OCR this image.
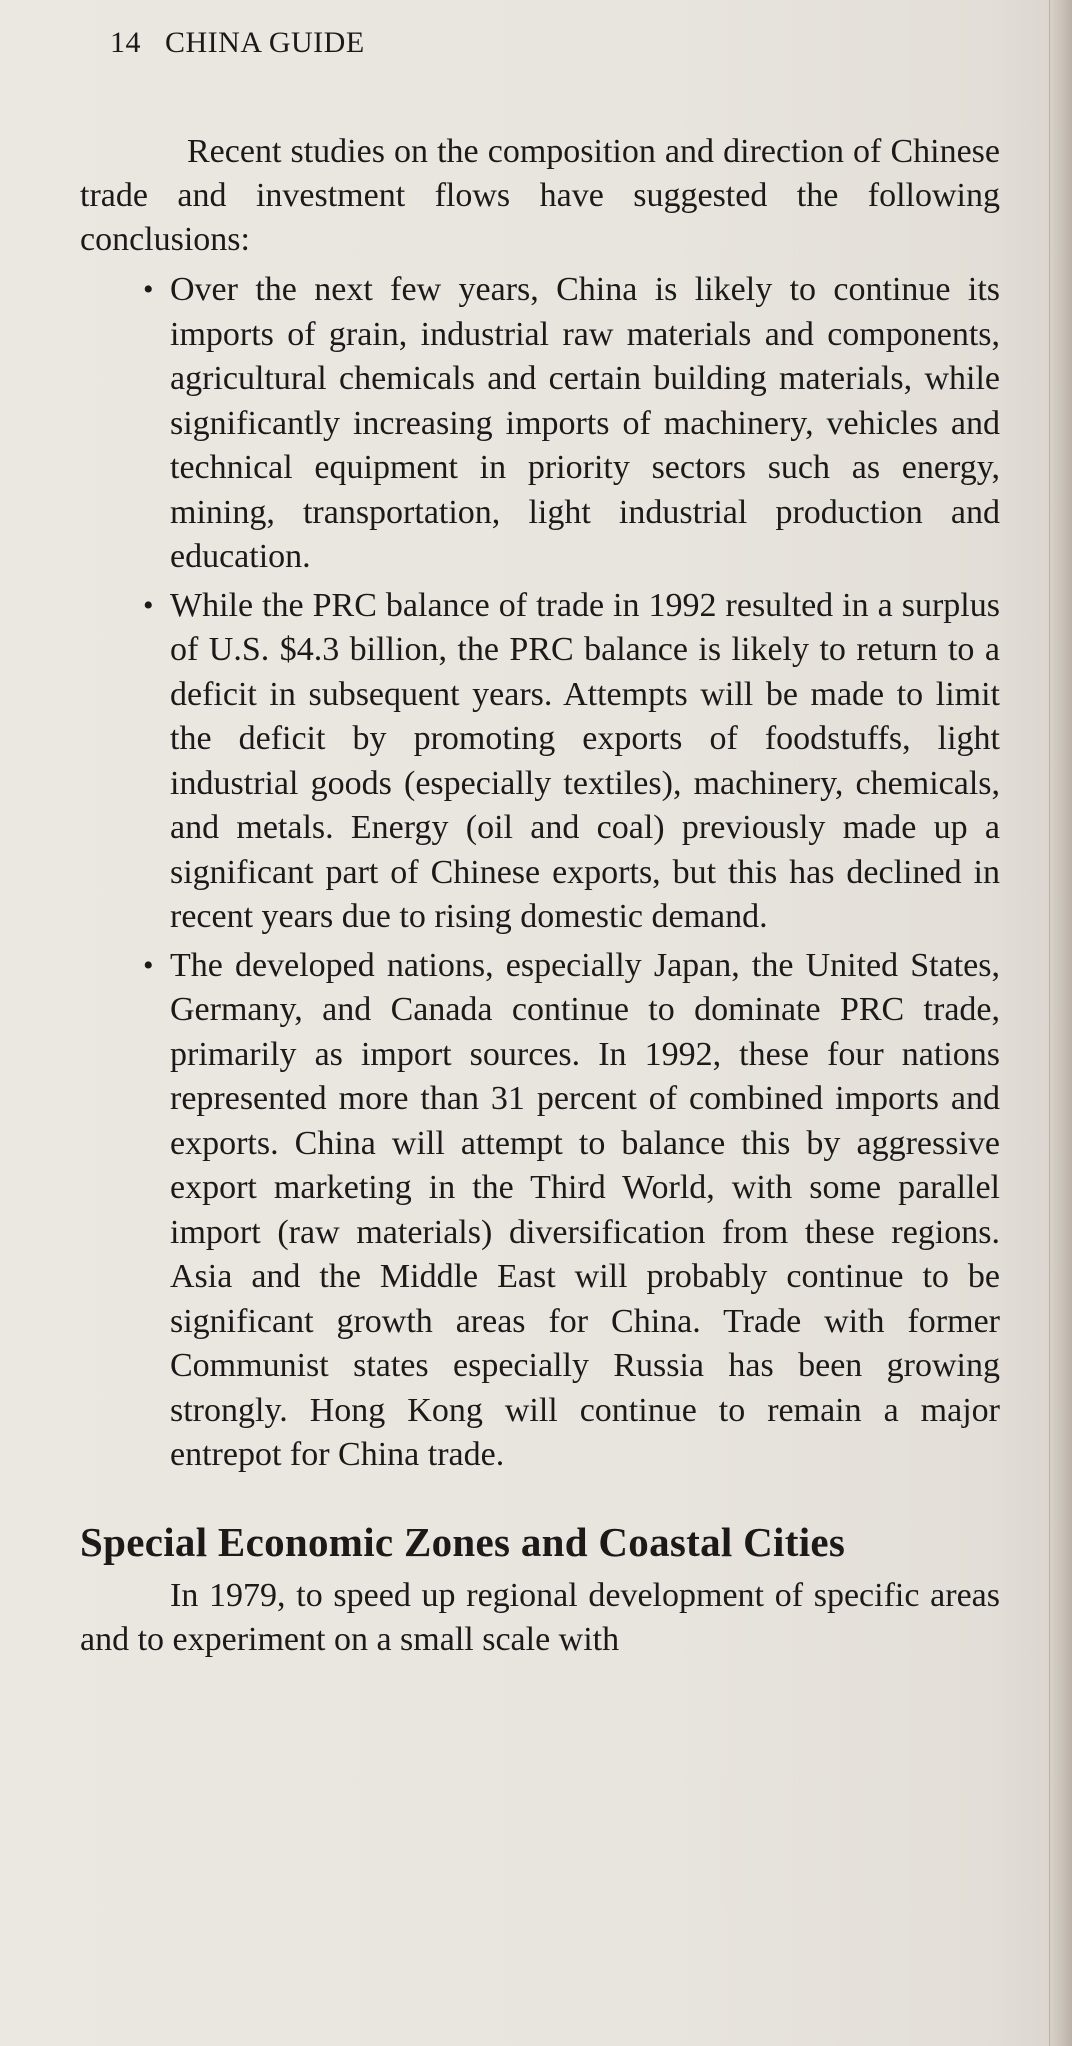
14 CHINA GUIDE

Recent studies on the composition and direction of Chinese trade and investment flows have suggested the following conclusions:

• Over the next few years, China is likely to continue its imports of grain, industrial raw materials and components, agricultural chemicals and certain building materials, while significantly increasing imports of machinery, vehicles and technical equipment in priority sectors such as energy, mining, transportation, light industrial production and education.
• While the PRC balance of trade in 1992 resulted in a surplus of U.S. $4.3 billion, the PRC balance is likely to return to a deficit in subsequent years. Attempts will be made to limit the deficit by promoting exports of foodstuffs, light industrial goods (especially textiles), machinery, chemicals, and metals. Energy (oil and coal) previously made up a significant part of Chinese exports, but this has declined in recent years due to rising domestic demand.
• The developed nations, especially Japan, the United States, Germany, and Canada continue to dominate PRC trade, primarily as import sources. In 1992, these four nations represented more than 31 percent of combined imports and exports. China will attempt to balance this by aggressive export marketing in the Third World, with some parallel import (raw materials) diversification from these regions. Asia and the Middle East will probably continue to be significant growth areas for China. Trade with former Communist states especially Russia has been growing strongly. Hong Kong will continue to remain a major entrepot for China trade.
Special Economic Zones and Coastal Cities

In 1979, to speed up regional development of specific areas and to experiment on a small scale with
